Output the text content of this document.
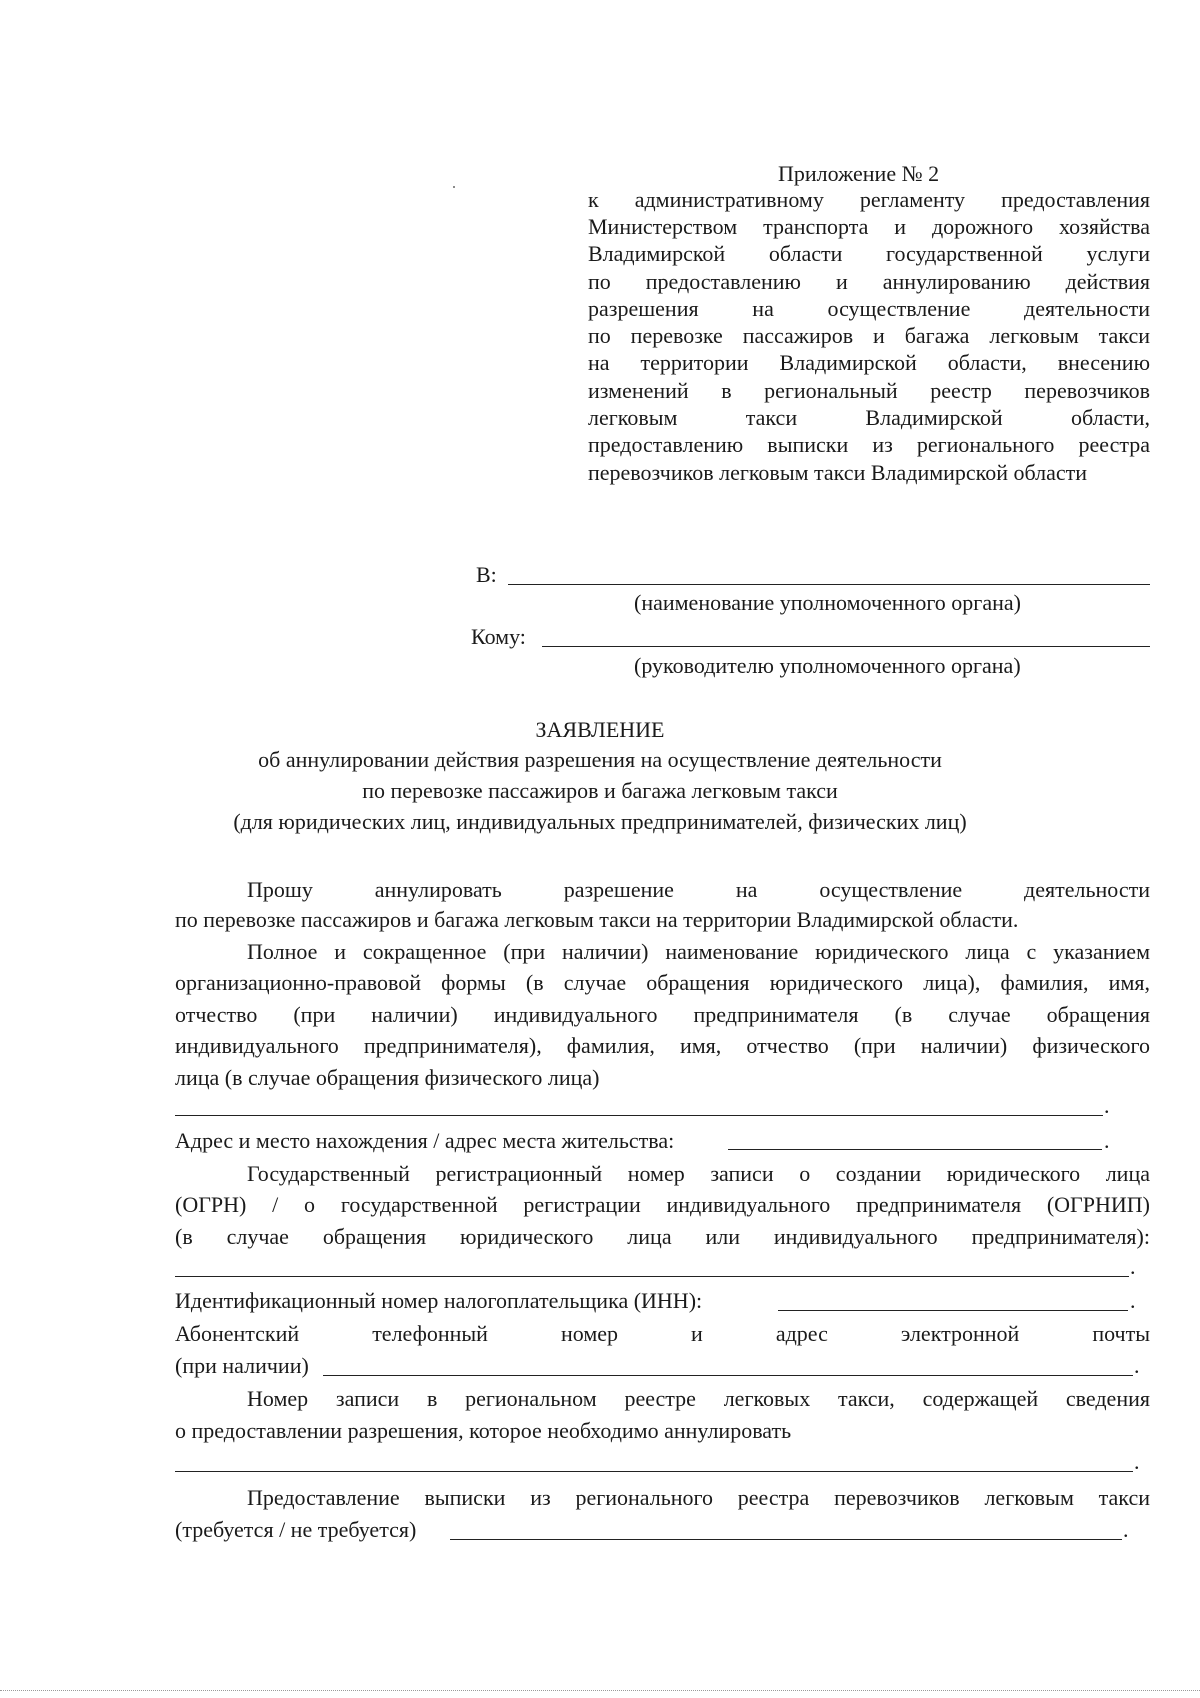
Приложение № 2
к административному регламенту предоставления
Министерством транспорта и дорожного хозяйства
Владимирской области государственной услуги
по предоставлению и аннулированию действия
разрешения на осуществление деятельности
по перевозке пассажиров и багажа легковым такси
на территории Владимирской области, внесению
изменений в региональный реестр перевозчиков
легковым такси Владимирской области,
предоставлению выписки из регионального реестра
перевозчиков легковым такси Владимирской области
В:
(наименование уполномоченного органа)
Кому:
(руководителю уполномоченного органа)
ЗАЯВЛЕНИЕ
об аннулировании действия разрешения на осуществление деятельности
по перевозке пассажиров и багажа легковым такси
(для юридических лиц, индивидуальных предпринимателей, физических лиц)
Прошу аннулировать разрешение на осуществление деятельности
по перевозке пассажиров и багажа легковым такси на территории Владимирской области.
Полное и сокращенное (при наличии) наименование юридического лица с указанием
организационно-правовой формы (в случае обращения юридического лица), фамилия, имя,
отчество (при наличии) индивидуального предпринимателя (в случае обращения
индивидуального предпринимателя), фамилия, имя, отчество (при наличии) физического
лица (в случае обращения физического лица)
.
Адрес и место нахождения / адрес места жительства:	.
Государственный регистрационный номер записи о создании юридического лица
(ОГРН) / о государственной регистрации индивидуального предпринимателя (ОГРНИП)
(в случае обращения юридического лица или индивидуального предпринимателя):
.
Идентификационный номер налогоплательщика (ИНН):	.
Абонентский телефонный номер и адрес электронной почты
(при наличии)	.
Номер записи в региональном реестре легковых такси, содержащей сведения
о предоставлении разрешения, которое необходимо аннулировать
.
Предоставление выписки из регионального реестра перевозчиков легковым такси
(требуется / не требуется)	.
